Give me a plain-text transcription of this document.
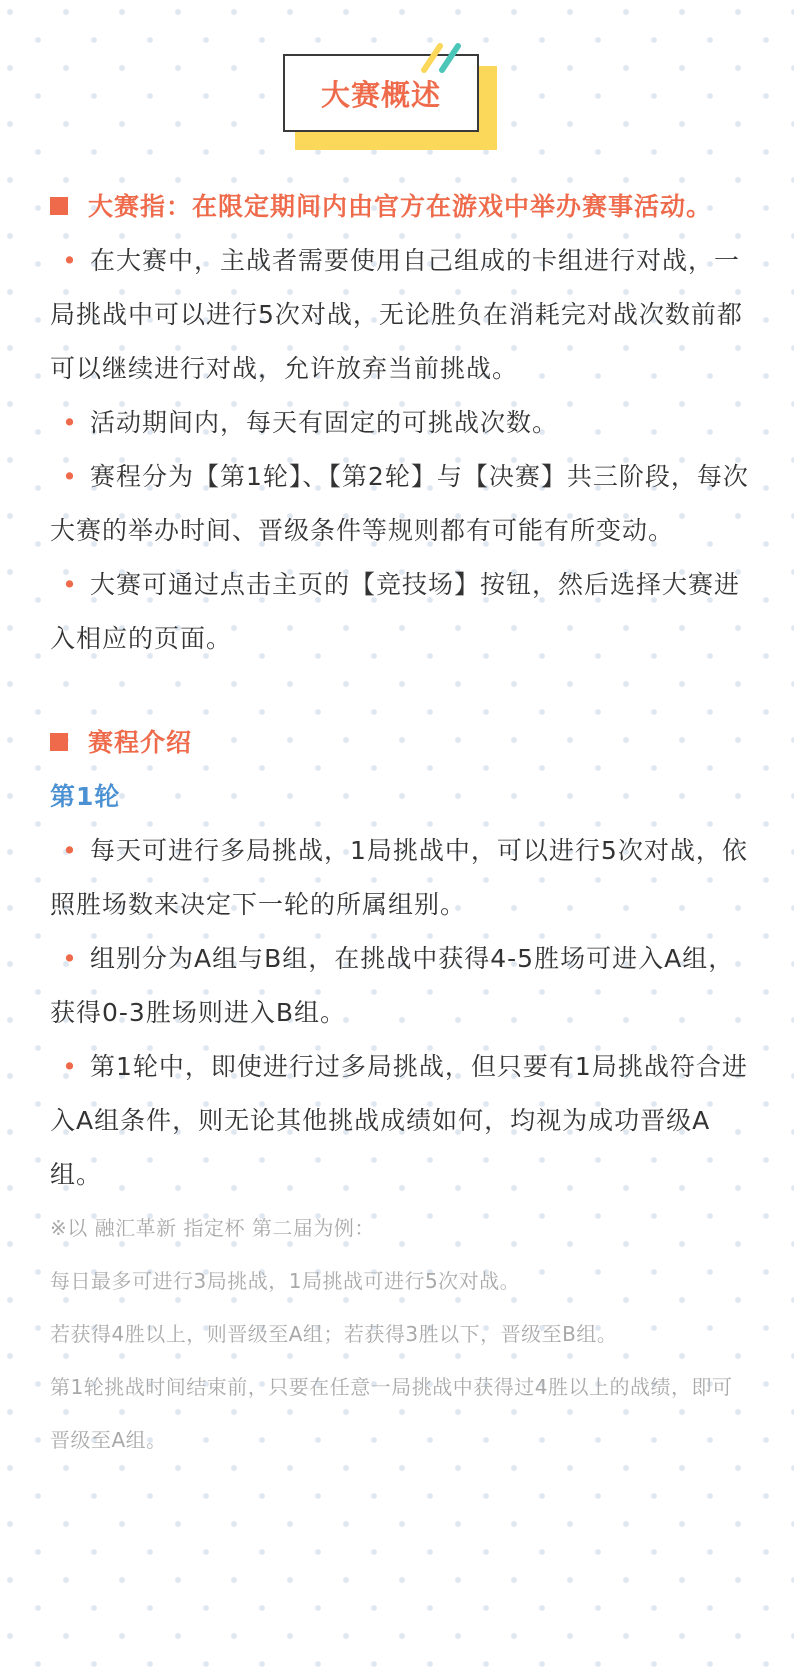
大赛概述
大赛指：在限定期间内由官方在游戏中举办赛事活动。
• 在大赛中，主战者需要使用自己组成的卡组进行对战，一局挑战中可以进行5次对战，无论胜负在消耗完对战次数前都可以继续进行对战，允许放弃当前挑战。
• 活动期间内，每天有固定的可挑战次数。
• 赛程分为【第1轮】、【第2轮】与【决赛】共三阶段，每次大赛的举办时间、晋级条件等规则都有可能有所变动。
• 大赛可通过点击主页的【竞技场】按钮，然后选择大赛进入相应的页面。
赛程介绍
第1轮
• 每天可进行多局挑战，1局挑战中，可以进行5次对战，依照胜场数来决定下一轮的所属组别。
• 组别分为A组与B组，在挑战中获得4-5胜场可进入A组，获得0-3胜场则进入B组。
• 第1轮中，即使进行过多局挑战，但只要有1局挑战符合进入A组条件，则无论其他挑战成绩如何，均视为成功晋级A组。
※以 融汇革新 指定杯 第二届为例：
每日最多可进行3局挑战，1局挑战可进行5次对战。
若获得4胜以上，则晋级至A组；若获得3胜以下，晋级至B组。
第1轮挑战时间结束前，只要在任意一局挑战中获得过4胜以上的战绩，即可晋级至A组。
